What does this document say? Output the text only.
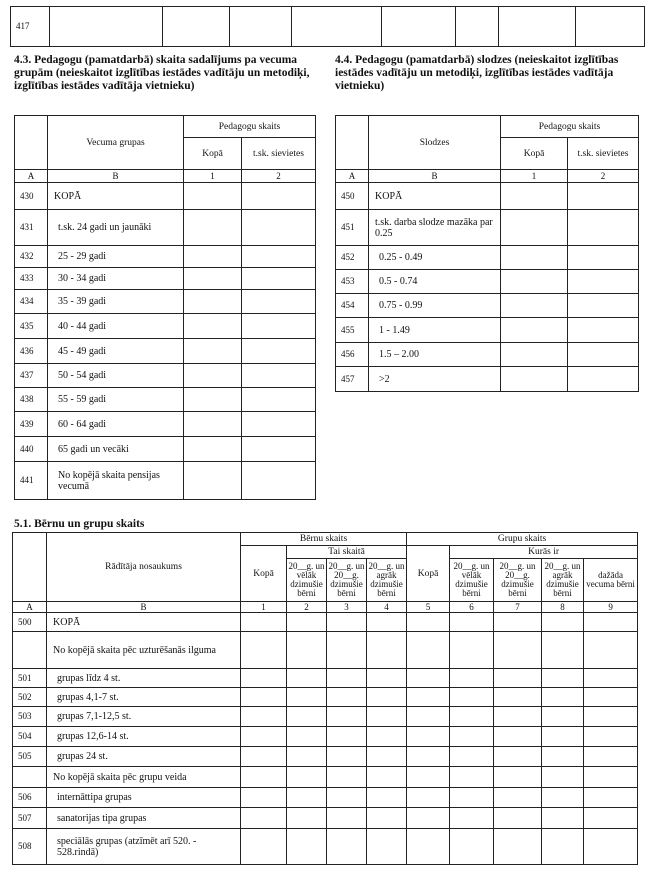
417									

4.3. Pedagogu (pamatdarbā) skaita sadalījums pa vecuma grupām (neieskaitot izglītības iestādes vadītāju un metodiķi, izglītības iestādes vadītāja vietnieku)

	Vecuma grupas	Pedagogu skaits	
		Kopā	t.sk. sievietes
A	B	1	2
430	KOPĀ		
431	t.sk. 24 gadi un jaunāki		
432	25 - 29 gadi		
433	30 - 34 gadi		
434	35 - 39 gadi		
435	40 - 44 gadi		
436	45 - 49 gadi		
437	50 - 54 gadi		
438	55 - 59 gadi		
439	60 - 64 gadi		
440	65 gadi un vecāki		
441	No kopējā skaita pensijas vecumā		

4.4. Pedagogu (pamatdarbā) slodzes (neieskaitot izglītības iestādes vadītāju un metodiķi, izglītības iestādes vadītāja vietnieku)

	Slodzes	Pedagogu skaits	
		Kopā	t.sk. sievietes
A	B	1	2
450	KOPĀ		
451	t.sk. darba slodze mazāka par 0.25		
452	0.25 - 0.49		
453	0.5 - 0.74		
454	0.75 - 0.99		
455	1 - 1.49		
456	1.5 – 2.00		
457	>2		

5.1. Bērnu un grupu skaits

	Rādītāja nosaukums	Bērnu skaits				Grupu skaits				
		Kopā	Tai skaitā			Kopā	Kurās ir			
			20__g. un vēlāk dzimušie bērni	20__g. un 20__g. dzimušie bērni	20__g. un agrāk dzimušie bērni		20__g. un vēlāk dzimušie bērni	20__g. un 20__g. dzimušie bērni	20__g. un agrāk dzimušie bērni	dažāda vecuma bērni
A	B	1	2	3	4	5	6	7	8	9
500	KOPĀ									
	No kopējā skaita pēc uzturēšanās ilguma									
501	grupas līdz 4 st.									
502	grupas 4,1-7 st.									
503	grupas 7,1-12,5 st.									
504	grupas 12,6-14 st.									
505	grupas 24 st.									
	No kopējā skaita pēc grupu veida									
506	internāttipa grupas									
507	sanatorijas tipa grupas									
508	speciālās grupas (atzīmēt arī 520. - 528.rindā)									
